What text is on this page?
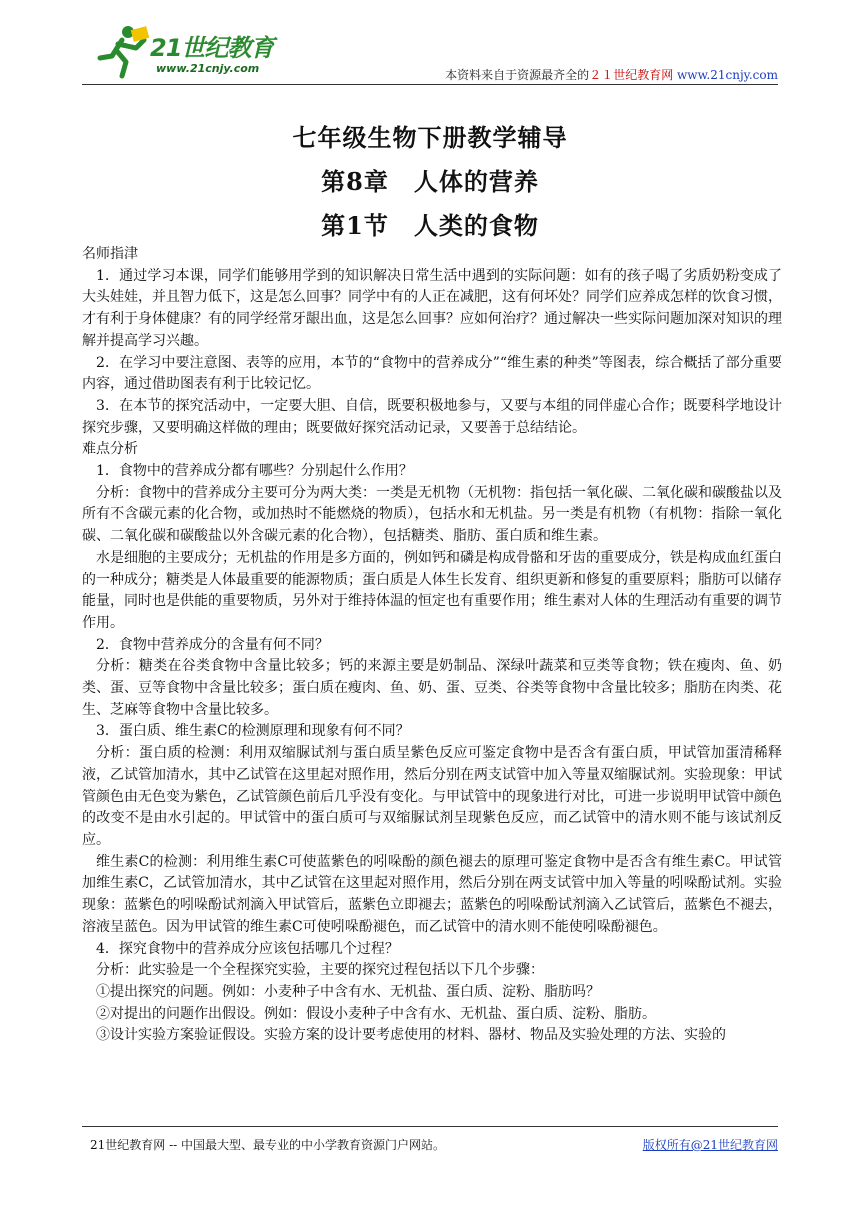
21世纪教育
www.21cnjy.com	本资料来自于资源最齐全的２１世纪教育网 www.21cnjy.com
七年级生物下册教学辅导
第8章　人体的营养
第1节　人类的食物

名师指津

1．通过学习本课，同学们能够用学到的知识解决日常生活中遇到的实际问题：如有的孩子喝了劣质奶粉变成了大头娃娃，并且智力低下，这是怎么回事？同学中有的人正在减肥，这有何坏处？同学们应养成怎样的饮食习惯，才有利于身体健康？有的同学经常牙龈出血，这是怎么回事？应如何治疗？通过解决一些实际问题加深对知识的理解并提高学习兴趣。

2．在学习中要注意图、表等的应用，本节的“食物中的营养成分”“维生素的种类”等图表，综合概括了部分重要内容，通过借助图表有利于比较记忆。

3．在本节的探究活动中，一定要大胆、自信，既要积极地参与，又要与本组的同伴虚心合作；既要科学地设计探究步骤，又要明确这样做的理由；既要做好探究活动记录，又要善于总结结论。

难点分析

1．食物中的营养成分都有哪些？分别起什么作用？

分析：食物中的营养成分主要可分为两大类：一类是无机物（无机物：指包括一氧化碳、二氧化碳和碳酸盐以及所有不含碳元素的化合物，或加热时不能燃烧的物质），包括水和无机盐。另一类是有机物（有机物：指除一氧化碳、二氧化碳和碳酸盐以外含碳元素的化合物），包括糖类、脂肪、蛋白质和维生素。

水是细胞的主要成分；无机盐的作用是多方面的，例如钙和磷是构成骨骼和牙齿的重要成分，铁是构成血红蛋白的一种成分；糖类是人体最重要的能源物质；蛋白质是人体生长发育、组织更新和修复的重要原料；脂肪可以储存能量，同时也是供能的重要物质，另外对于维持体温的恒定也有重要作用；维生素对人体的生理活动有重要的调节作用。

2．食物中营养成分的含量有何不同？

分析：糖类在谷类食物中含量比较多；钙的来源主要是奶制品、深绿叶蔬菜和豆类等食物；铁在瘦肉、鱼、奶类、蛋、豆等食物中含量比较多；蛋白质在瘦肉、鱼、奶、蛋、豆类、谷类等食物中含量比较多；脂肪在肉类、花生、芝麻等食物中含量比较多。

3．蛋白质、维生素C的检测原理和现象有何不同？

分析：蛋白质的检测：利用双缩脲试剂与蛋白质呈紫色反应可鉴定食物中是否含有蛋白质，甲试管加蛋清稀释液，乙试管加清水，其中乙试管在这里起对照作用，然后分别在两支试管中加入等量双缩脲试剂。实验现象：甲试管颜色由无色变为紫色，乙试管颜色前后几乎没有变化。与甲试管中的现象进行对比，可进一步说明甲试管中颜色的改变不是由水引起的。甲试管中的蛋白质可与双缩脲试剂呈现紫色反应，而乙试管中的清水则不能与该试剂反应。

维生素C的检测：利用维生素C可使蓝紫色的吲哚酚的颜色褪去的原理可鉴定食物中是否含有维生素C。甲试管加维生素C，乙试管加清水，其中乙试管在这里起对照作用，然后分别在两支试管中加入等量的吲哚酚试剂。实验现象：蓝紫色的吲哚酚试剂滴入甲试管后，蓝紫色立即褪去；蓝紫色的吲哚酚试剂滴入乙试管后，蓝紫色不褪去，溶液呈蓝色。因为甲试管的维生素C可使吲哚酚褪色，而乙试管中的清水则不能使吲哚酚褪色。

4．探究食物中的营养成分应该包括哪几个过程？

分析：此实验是一个全程探究实验，主要的探究过程包括以下几个步骤：

①提出探究的问题。例如：小麦种子中含有水、无机盐、蛋白质、淀粉、脂肪吗？

②对提出的问题作出假设。例如：假设小麦种子中含有水、无机盐、蛋白质、淀粉、脂肪。

③设计实验方案验证假设。实验方案的设计要考虑使用的材料、器材、物品及实验处理的方法、实验的

21世纪教育网 -- 中国最大型、最专业的中小学教育资源门户网站。	版权所有@21世纪教育网
